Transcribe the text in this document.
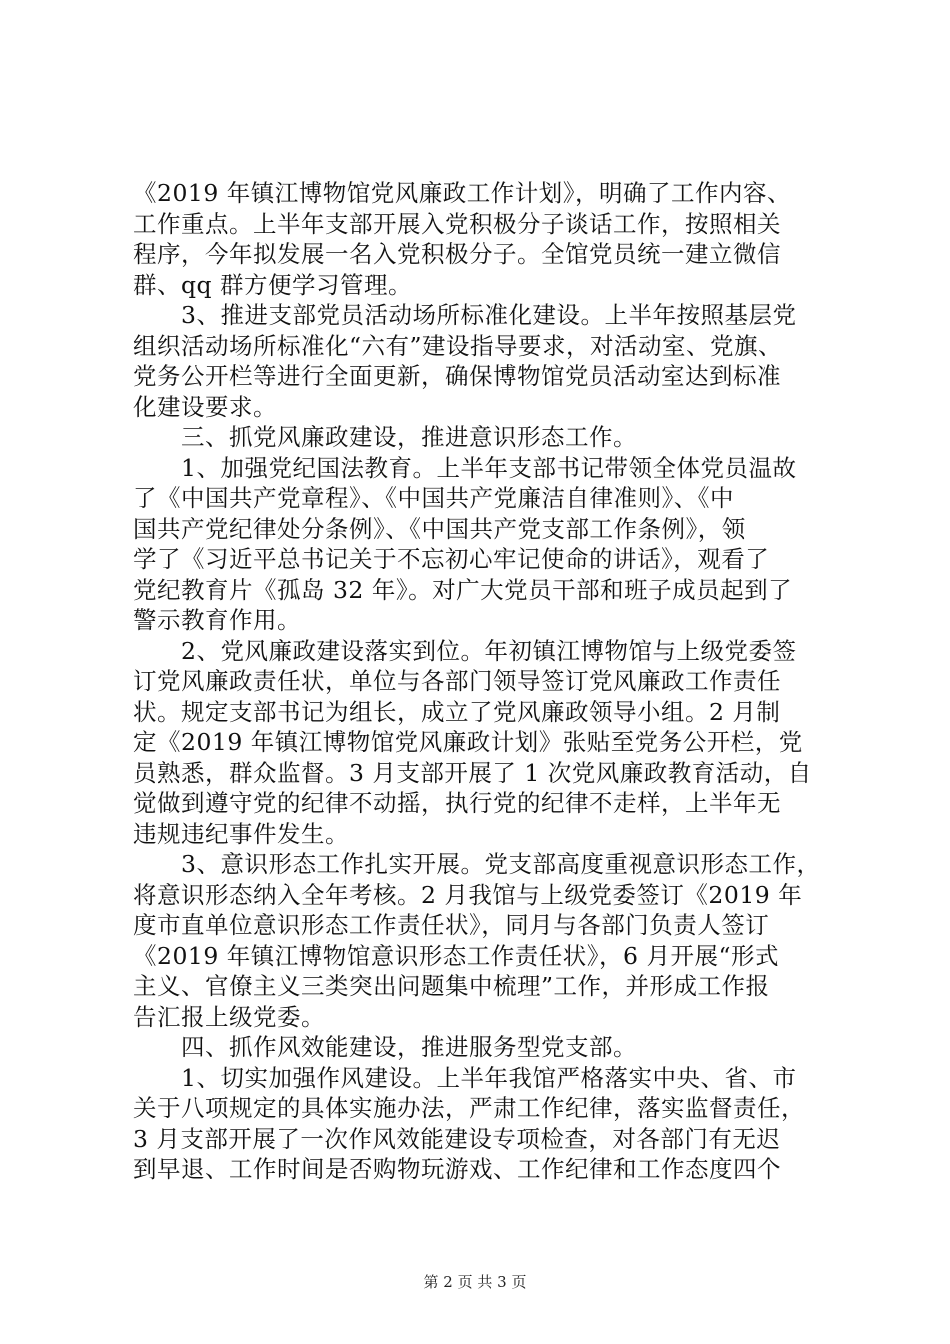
《2019 年镇江博物馆党风廉政工作计划》，明确了工作内容、
工作重点。上半年支部开展入党积极分子谈话工作，按照相关
程序，今年拟发展一名入党积极分子。全馆党员统一建立微信
群、qq 群方便学习管理。
　　3、推进支部党员活动场所标准化建设。上半年按照基层党
组织活动场所标准化“六有”建设指导要求，对活动室、党旗、
党务公开栏等进行全面更新，确保博物馆党员活动室达到标准
化建设要求。
　　三、抓党风廉政建设，推进意识形态工作。
　　1、加强党纪国法教育。上半年支部书记带领全体党员温故
了《中国共产党章程》、《中国共产党廉洁自律准则》、《中
国共产党纪律处分条例》、《中国共产党支部工作条例》，领
学了《习近平总书记关于不忘初心牢记使命的讲话》，观看了
党纪教育片《孤岛 32 年》。对广大党员干部和班子成员起到了
警示教育作用。
　　2、党风廉政建设落实到位。年初镇江博物馆与上级党委签
订党风廉政责任状，单位与各部门领导签订党风廉政工作责任
状。规定支部书记为组长，成立了党风廉政领导小组。2 月制
定《2019 年镇江博物馆党风廉政计划》张贴至党务公开栏，党
员熟悉，群众监督。3 月支部开展了 1 次党风廉政教育活动，自
觉做到遵守党的纪律不动摇，执行党的纪律不走样，上半年无
违规违纪事件发生。
　　3、意识形态工作扎实开展。党支部高度重视意识形态工作，
将意识形态纳入全年考核。2 月我馆与上级党委签订《2019 年
度市直单位意识形态工作责任状》，同月与各部门负责人签订
《2019 年镇江博物馆意识形态工作责任状》，6 月开展“形式
主义、官僚主义三类突出问题集中梳理”工作，并形成工作报
告汇报上级党委。
　　四、抓作风效能建设，推进服务型党支部。
　　1、切实加强作风建设。上半年我馆严格落实中央、省、市
关于八项规定的具体实施办法，严肃工作纪律，落实监督责任，
3 月支部开展了一次作风效能建设专项检查，对各部门有无迟
到早退、工作时间是否购物玩游戏、工作纪律和工作态度四个
第 2 页 共 3 页
